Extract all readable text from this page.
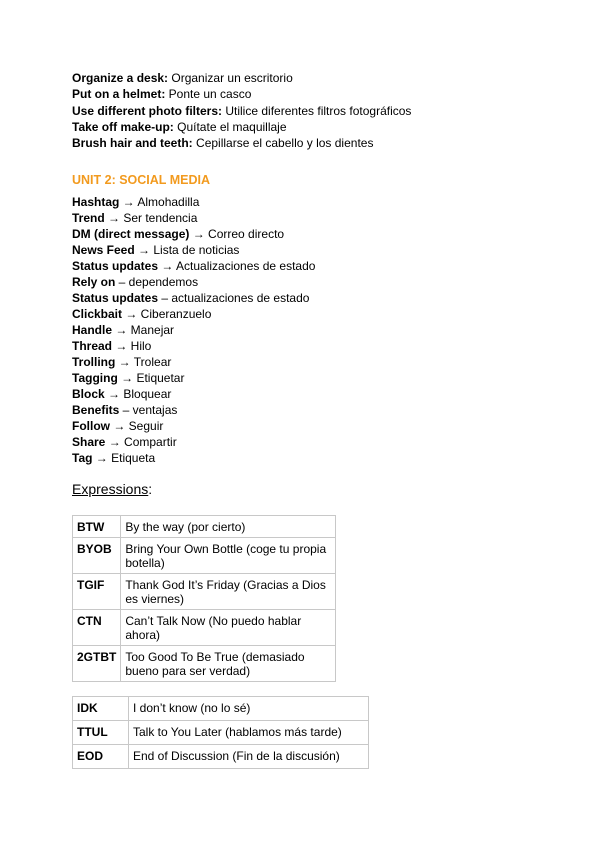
Organize a desk: Organizar un escritorio
Put on a helmet: Ponte un casco
Use different photo filters: Utilice diferentes filtros fotográficos
Take off make-up: Quítate el maquillaje
Brush hair and teeth: Cepillarse el cabello y los dientes
UNIT 2: SOCIAL MEDIA
Hashtag → Almohadilla
Trend → Ser tendencia
DM (direct message) → Correo directo
News Feed → Lista de noticias
Status updates → Actualizaciones de estado
Rely on – dependemos
Status updates – actualizaciones de estado
Clickbait → Ciberanzuelo
Handle → Manejar
Thread → Hilo
Trolling → Trolear
Tagging → Etiquetar
Block → Bloquear
Benefits – ventajas
Follow → Seguir
Share → Compartir
Tag → Etiqueta
Expressions:
BTW	By the way (por cierto)
BYOB	Bring Your Own Bottle (coge tu propia botella)
TGIF	Thank God It’s Friday (Gracias a Dios es viernes)
CTN	Can’t Talk Now (No puedo hablar ahora)
2GTBT	Too Good To Be True (demasiado bueno para ser verdad)
IDK	I don’t know (no lo sé)
TTUL	Talk to You Later (hablamos más tarde)
EOD	End of Discussion (Fin de la discusión)
